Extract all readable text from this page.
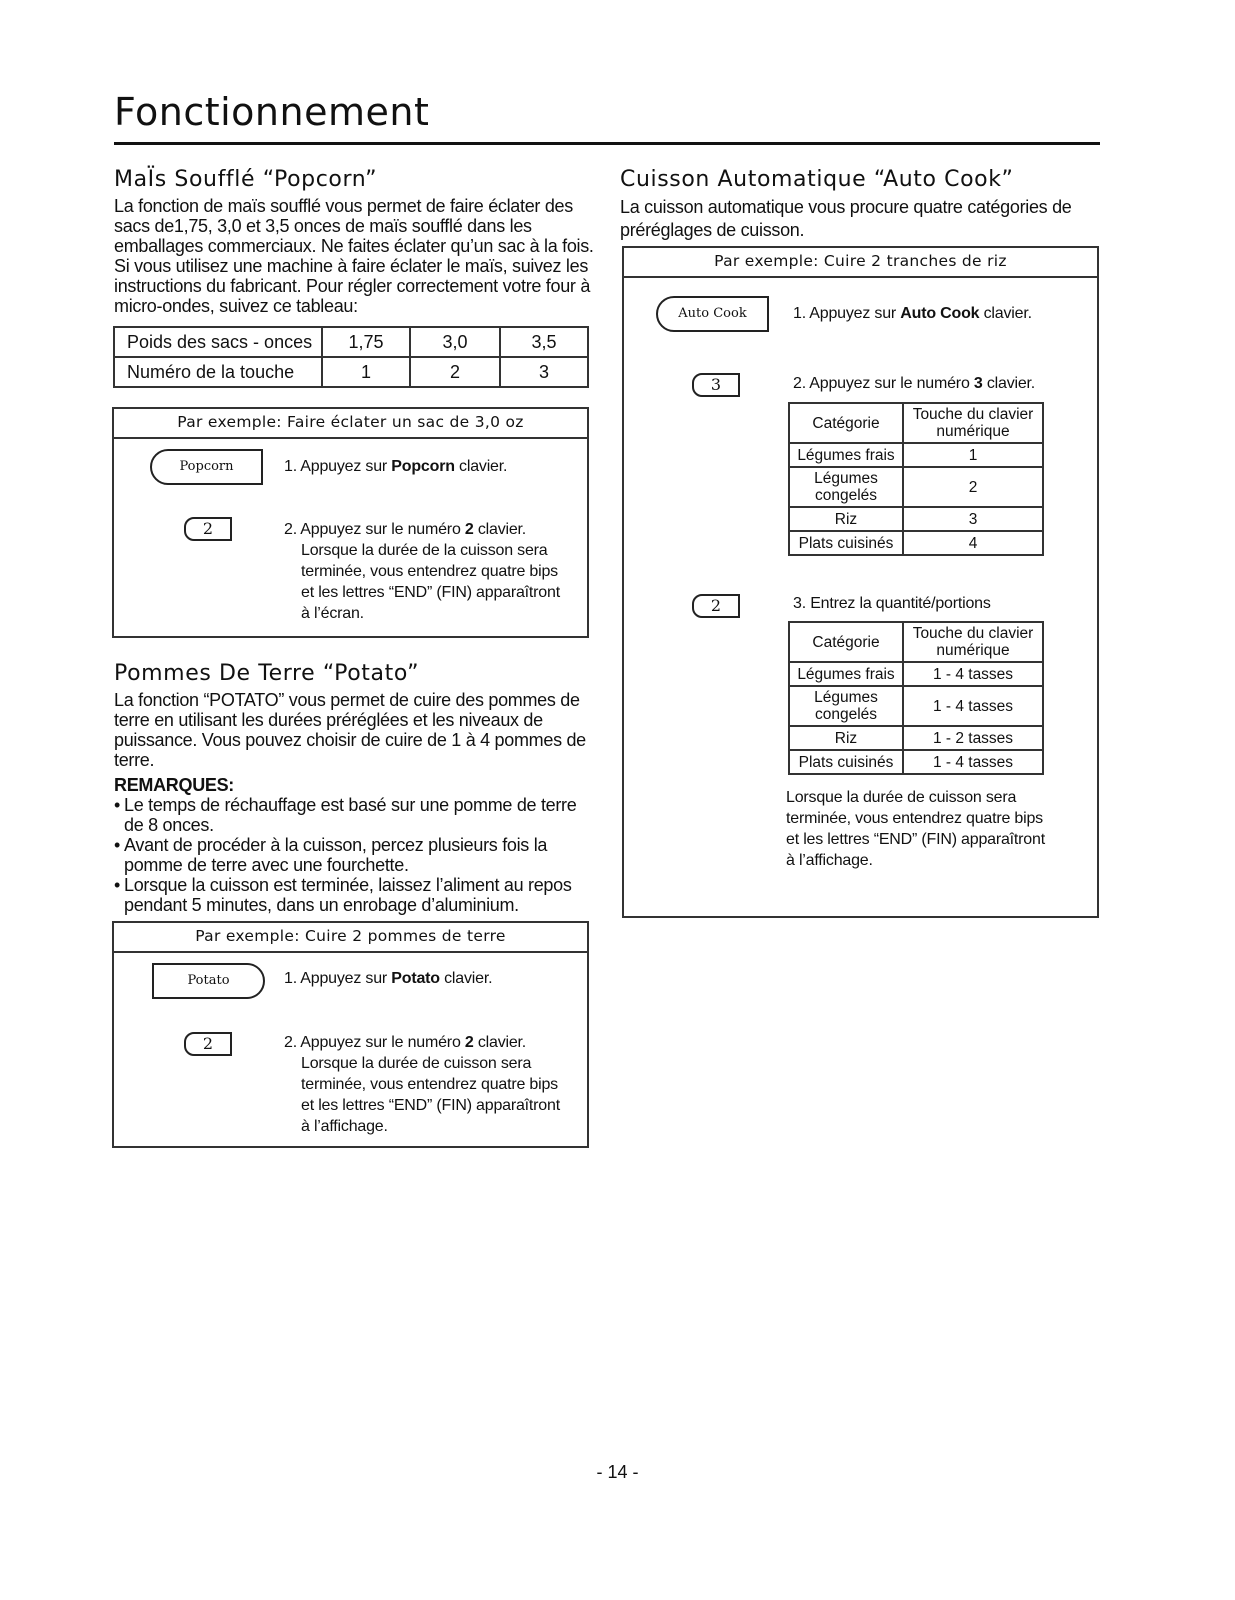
Fonctionnement
MaÏs Soufflé “Popcorn”
La fonction de maïs soufflé vous permet de faire éclater des sacs de1,75, 3,0 et 3,5 onces de maïs soufflé dans les emballages commerciaux. Ne faites éclater qu’un sac à la fois. Si vous utilisez une machine à faire éclater le maïs, suivez les instructions du fabricant. Pour régler correctement votre four à micro-ondes, suivez ce tableau:
Poids des sacs - onces	1,75	3,0	3,5
Numéro de la touche	1	2	3
Par exemple: Faire éclater un sac de 3,0 oz
Popcorn	1. Appuyez sur Popcorn clavier.
2	2. Appuyez sur le numéro 2 clavier.
Lorsque la durée de la cuisson sera
terminée, vous entendrez quatre bips
et les lettres “END” (FIN) apparaîtront
à l’écran.
Pommes De Terre “Potato”
La fonction “POTATO” vous permet de cuire des pommes de terre en utilisant les durées préréglées et les niveaux de puissance. Vous pouvez choisir de cuire de 1 à 4 pommes de terre.
REMARQUES:
• Le temps de réchauffage est basé sur une pomme de terre de 8 onces.
• Avant de procéder à la cuisson, percez plusieurs fois la pomme de terre avec une fourchette.
• Lorsque la cuisson est terminée, laissez l’aliment au repos pendant 5 minutes, dans un enrobage d’aluminium.
Par exemple: Cuire 2 pommes de terre
Potato	1. Appuyez sur Potato clavier.
2	2. Appuyez sur le numéro 2 clavier.
Lorsque la durée de cuisson sera
terminée, vous entendrez quatre bips
et les lettres “END” (FIN) apparaîtront
à l’affichage.
Cuisson Automatique “Auto Cook”
La cuisson automatique vous procure quatre catégories de préréglages de cuisson.
Par exemple: Cuire 2 tranches de riz
Auto Cook	1. Appuyez sur Auto Cook clavier.
3	2. Appuyez sur le numéro 3 clavier.
Catégorie	Touche du clavier numérique
Légumes frais	1
Légumes congelés	2
Riz	3
Plats cuisinés	4
2	3. Entrez la quantité/portions
Catégorie	Touche du clavier numérique
Légumes frais	1 - 4 tasses
Légumes congelés	1 - 4 tasses
Riz	1 - 2 tasses
Plats cuisinés	1 - 4 tasses
Lorsque la durée de cuisson sera
terminée, vous entendrez quatre bips
et les lettres “END” (FIN) apparaîtront
à l’affichage.
- 14 -
